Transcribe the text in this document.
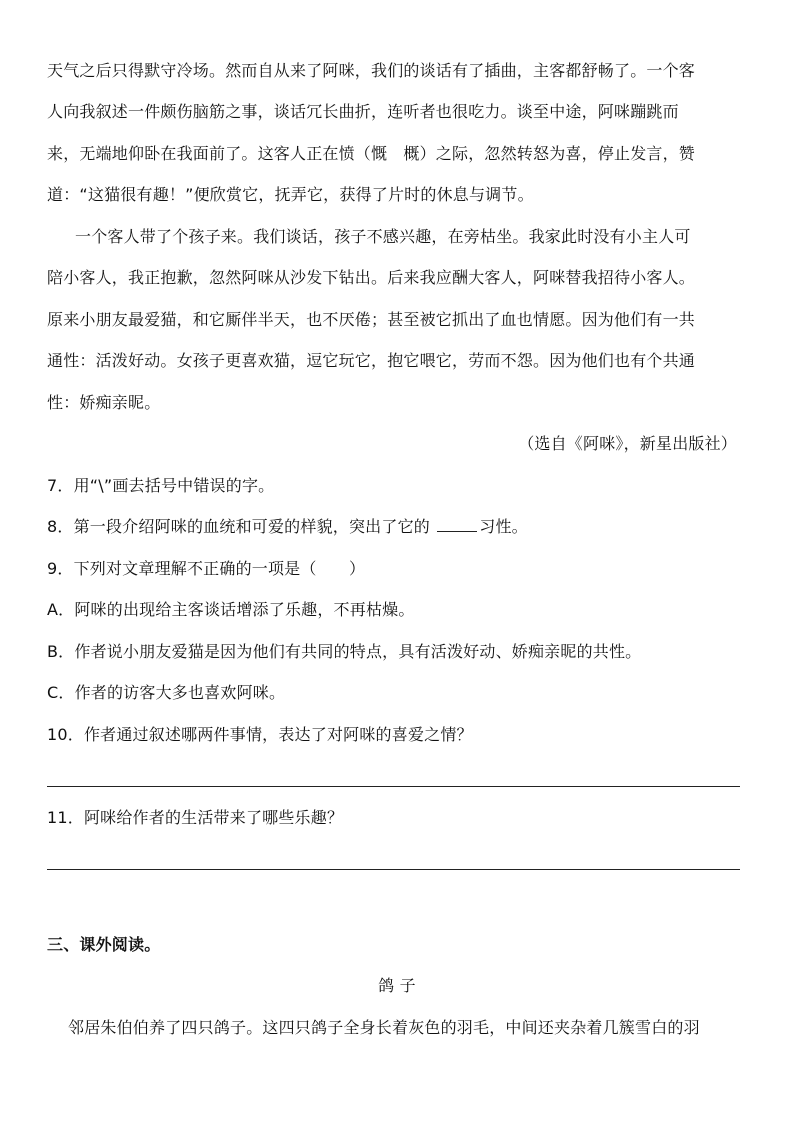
天气之后只得默守冷场。然而自从来了阿咪，我们的谈话有了插曲，主客都舒畅了。一个客
人向我叙述一件颇伤脑筋之事，谈话冗长曲折，连听者也很吃力。谈至中途，阿咪蹦跳而
来，无端地仰卧在我面前了。这客人正在愤（慨　概）之际，忽然转怒为喜，停止发言，赞
道：“这猫很有趣！”便欣赏它，抚弄它，获得了片时的休息与调节。
一个客人带了个孩子来。我们谈话，孩子不感兴趣，在旁枯坐。我家此时没有小主人可
陪小客人，我正抱歉，忽然阿咪从沙发下钻出。后来我应酬大客人，阿咪替我招待小客人。
原来小朋友最爱猫，和它厮伴半天，也不厌倦；甚至被它抓出了血也情愿。因为他们有一共
通性：活泼好动。女孩子更喜欢猫，逗它玩它，抱它喂它，劳而不怨。因为他们也有个共通
性：娇痴亲昵。
（选自《阿咪》，新星出版社）
7．用“\”画去括号中错误的字。
8．第一段介绍阿咪的血统和可爱的样貌，突出了它的	习性。
9．下列对文章理解不正确的一项是（　　）
A．阿咪的出现给主客谈话增添了乐趣，不再枯燥。
B．作者说小朋友爱猫是因为他们有共同的特点，具有活泼好动、娇痴亲昵的共性。
C．作者的访客大多也喜欢阿咪。
10．作者通过叙述哪两件事情，表达了对阿咪的喜爱之情？
11．阿咪给作者的生活带来了哪些乐趣？
三、课外阅读。
鸽 子
邻居朱伯伯养了四只鸽子。这四只鸽子全身长着灰色的羽毛，中间还夹杂着几簇雪白的羽
